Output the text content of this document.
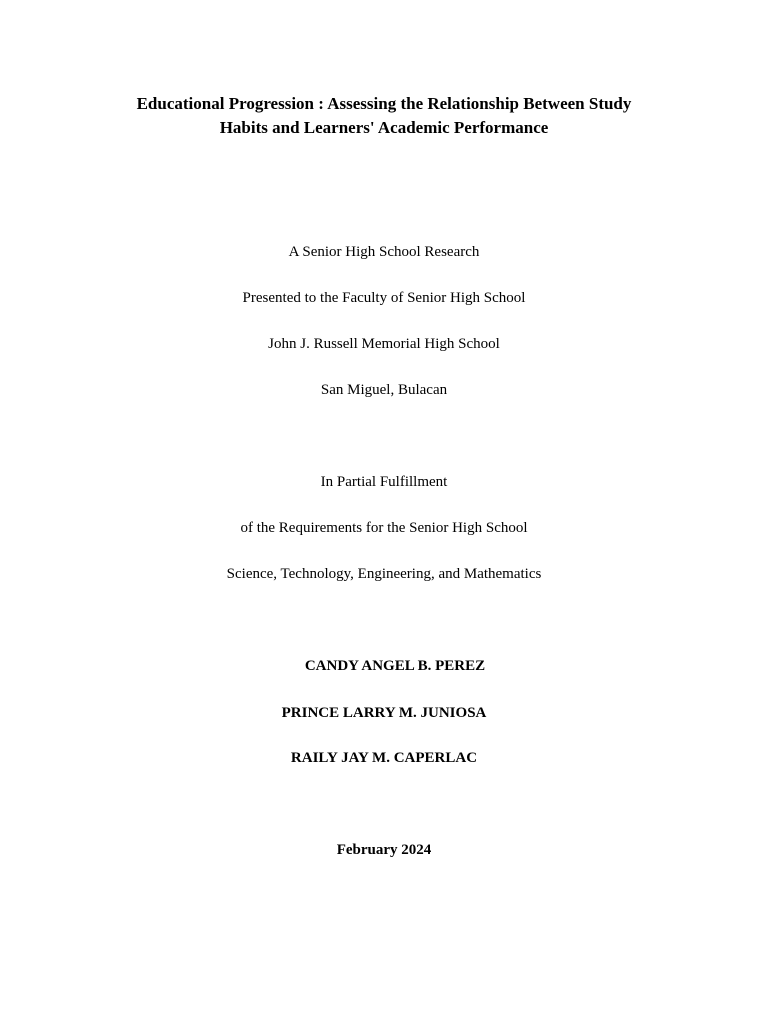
Educational Progression : Assessing the Relationship Between Study
Habits and Learners' Academic Performance
A Senior High School Research
Presented to the Faculty of Senior High School
John J. Russell Memorial High School
San Miguel, Bulacan
In Partial Fulfillment
of the Requirements for the Senior High School
Science, Technology, Engineering, and Mathematics
CANDY ANGEL B. PEREZ
PRINCE LARRY M. JUNIOSA
RAILY JAY M. CAPERLAC
February 2024
